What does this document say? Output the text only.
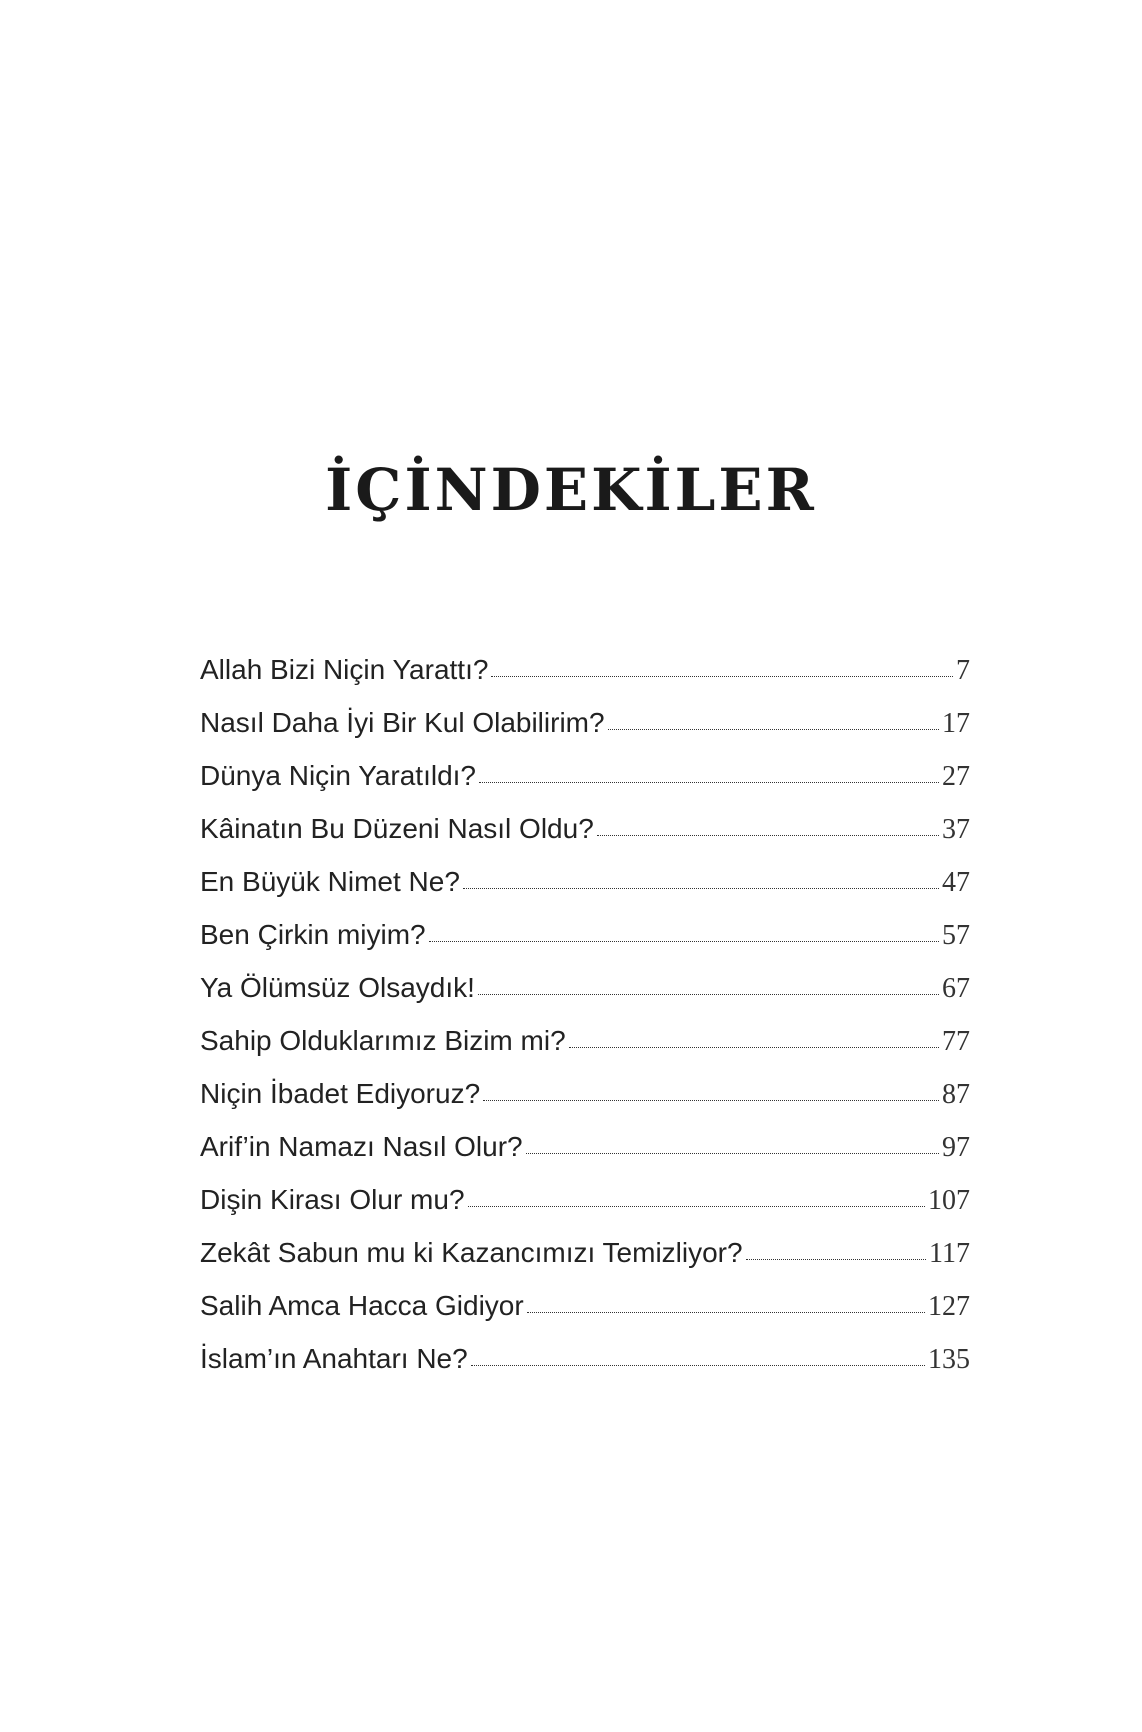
İÇİNDEKİLER
Allah Bizi Niçin Yarattı?	7
Nasıl Daha İyi Bir Kul Olabilirim?	17
Dünya Niçin Yaratıldı?	27
Kâinatın Bu Düzeni Nasıl Oldu?	37
En Büyük Nimet Ne?	47
Ben Çirkin miyim?	57
Ya Ölümsüz Olsaydık!	67
Sahip Olduklarımız Bizim mi?	77
Niçin İbadet Ediyoruz?	87
Arif’in Namazı Nasıl Olur?	97
Dişin Kirası Olur mu?	107
Zekât Sabun mu ki Kazancımızı Temizliyor?	117
Salih Amca Hacca Gidiyor	127
İslam’ın Anahtarı Ne?	135
